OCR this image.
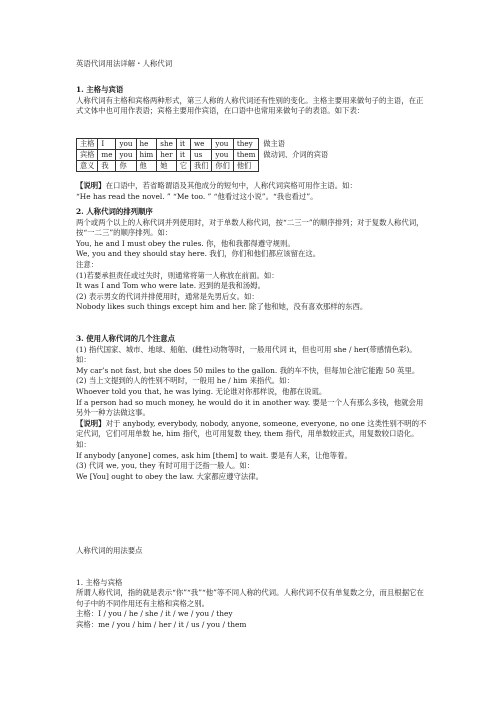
英语代词用法详解・人称代词

1. 主格与宾语

人称代词有主格和宾格两种形式，第三人称的人称代词还有性别的变化。主格主要用来做句子的主语，在正式文体中也可用作表语；宾格主要用作宾语，在口语中也常用来做句子的表语。如下表：

主格	I	you	he	she	it	we	you	they	做主语
宾格	me	you	him	her	it	us	you	them	做动词、介词的宾语
意义	我	你	他	她	它	我们	你们	他们	

【说明】在口语中，若省略谓语及其他成分的短句中，人称代词宾格可用作主语。如：

“He has read the novel. ” “Me too. ” “他看过这小说”。“我也看过”。

2. 人称代词的排列顺序

两个或两个以上的人称代词并列使用时，对于单数人称代词，按“二三一”的顺序排列；对于复数人称代词，按“一二三”的顺序排列。如：

You, he and I must obey the rules. 你，他和我都得遵守规则。

We, you and they should stay here. 我们，你们和他们都应该留在这。

注意：

(1)若要承担责任或过失时，则通常将第一人称放在前面。如：

It was I and Tom who were late. 迟到的是我和汤姆。

(2) 表示男女的代词并排使用时，通常是先男后女。如：

Nobody likes such things except him and her. 除了他和她，没有喜欢那样的东西。

3. 使用人称代词的几个注意点

(1) 指代国家、城市、地球、船舶、(雌性)动物等时，一般用代词 it，但也可用 she / her(带感情色彩)。如：

My car’s not fast, but she does 50 miles to the gallon. 我的车不快，但每加仑油它能跑 50 英里。

(2) 当上文提到的人的性别不明时，一般用 he / him 来指代。如：

Whoever told you that, he was lying. 无论谁对你那样说，他都在说谎。

If a person had so much money, he would do it in another way. 要是一个人有那么多钱，他就会用另外一种方法做这事。

【说明】对于 anybody, everybody, nobody, anyone, someone, everyone, no one 这类性别不明的不定代词，它们可用单数 he, him 指代，也可用复数 they, them 指代，用单数较正式，用复数较口语化。如：

If anybody [anyone] comes, ask him [them] to wait. 要是有人来，让他等着。

(3) 代词 we, you, they 有时可用于泛指一般人。如：

We [You] ought to obey the law. 大家都应遵守法律。

人称代词的用法要点

1. 主格与宾格

所谓人称代词，指的就是表示“你”“我”“他”等不同人称的代词。人称代词不仅有单复数之分，而且根据它在句子中的不同作用还有主格和宾格之别。

主格：I / you / he / she / it / we / you / they

宾格：me / you / him / her / it / us / you / them
